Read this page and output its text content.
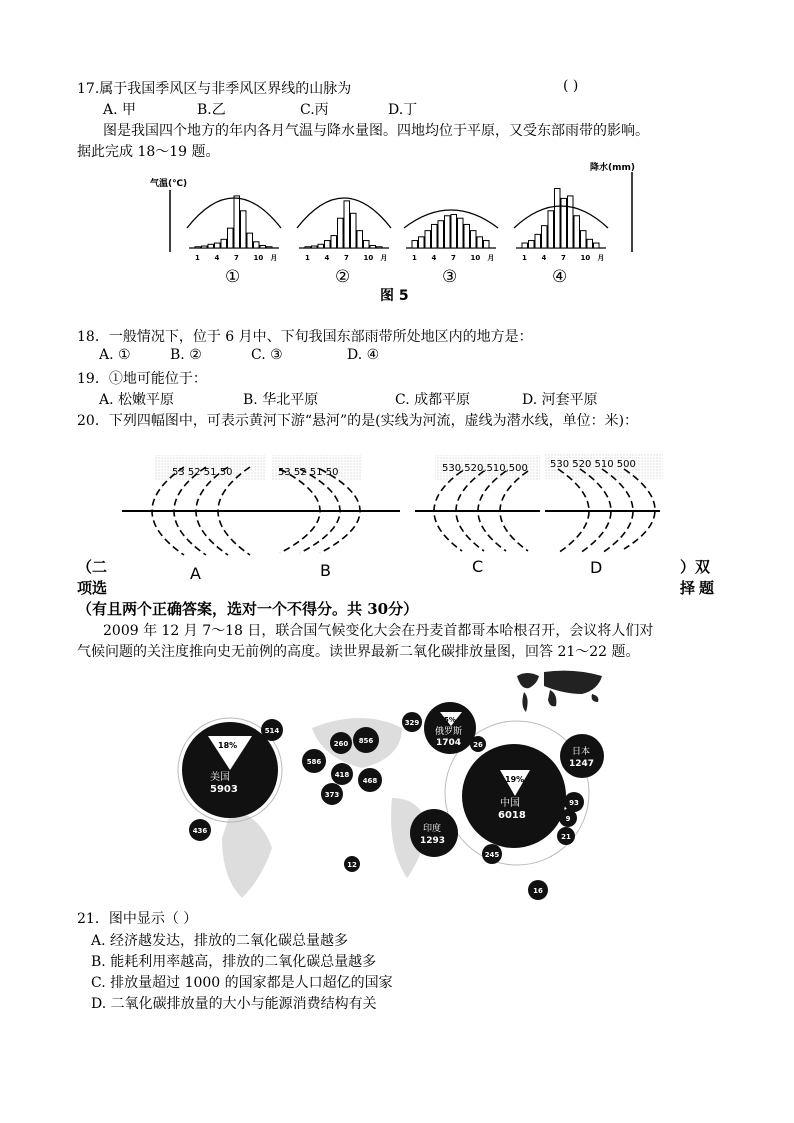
17.属于我国季风区与非季风区界线的山脉为	( )
A. 甲	B.乙	C.丙	D.丁
图是我国四个地方的年内各月气温与降水量图。四地均位于平原，又受东部雨带的影响。
据此完成 18～19 题。
气温(℃)
降水(mm)
1 4 7 10 月
①
1 4 7 10 月
②
1 4 7 10 月
③
1 4 7 10 月
④
图 5
18．一般情况下，位于 6 月中、下旬我国东部雨带所处地区内的地方是：
A. ①	B. ②	C. ③	D. ④
19．①地可能位于：
A. 松嫩平原	B. 华北平原	C. 成都平原	D. 河套平原
20．下列四幅图中，可表示黄河下游“悬河”的是(实线为河流，虚线为潜水线，单位：米)：
53 52 51 50
A
53 52 51 50
B
530,520,510,500
C
530 520 510 500
D
（二	）双
项选	择题
（有且两个正确答案，选对一个不得分。共 30分）
2009 年 12 月 7～18 日，联合国气候变化大会在丹麦首都哥本哈根召开，会议将人们对
气候问题的关注度推向史无前例的高度。读世界最新二氧化碳排放量图，回答 21～22 题。
18%
美国
5903
19%
中国
6018
5%
俄罗斯
1704
日本
1247
印度
1293
514
436
586
260 856
418
468
373
329
26
93
9
21
245
16
12
21．图中显示（ ）
A. 经济越发达，排放的二氧化碳总量越多
B. 能耗利用率越高，排放的二氧化碳总量越多
C. 排放量超过 1000 的国家都是人口超亿的国家
D. 二氧化碳排放量的大小与能源消费结构有关
